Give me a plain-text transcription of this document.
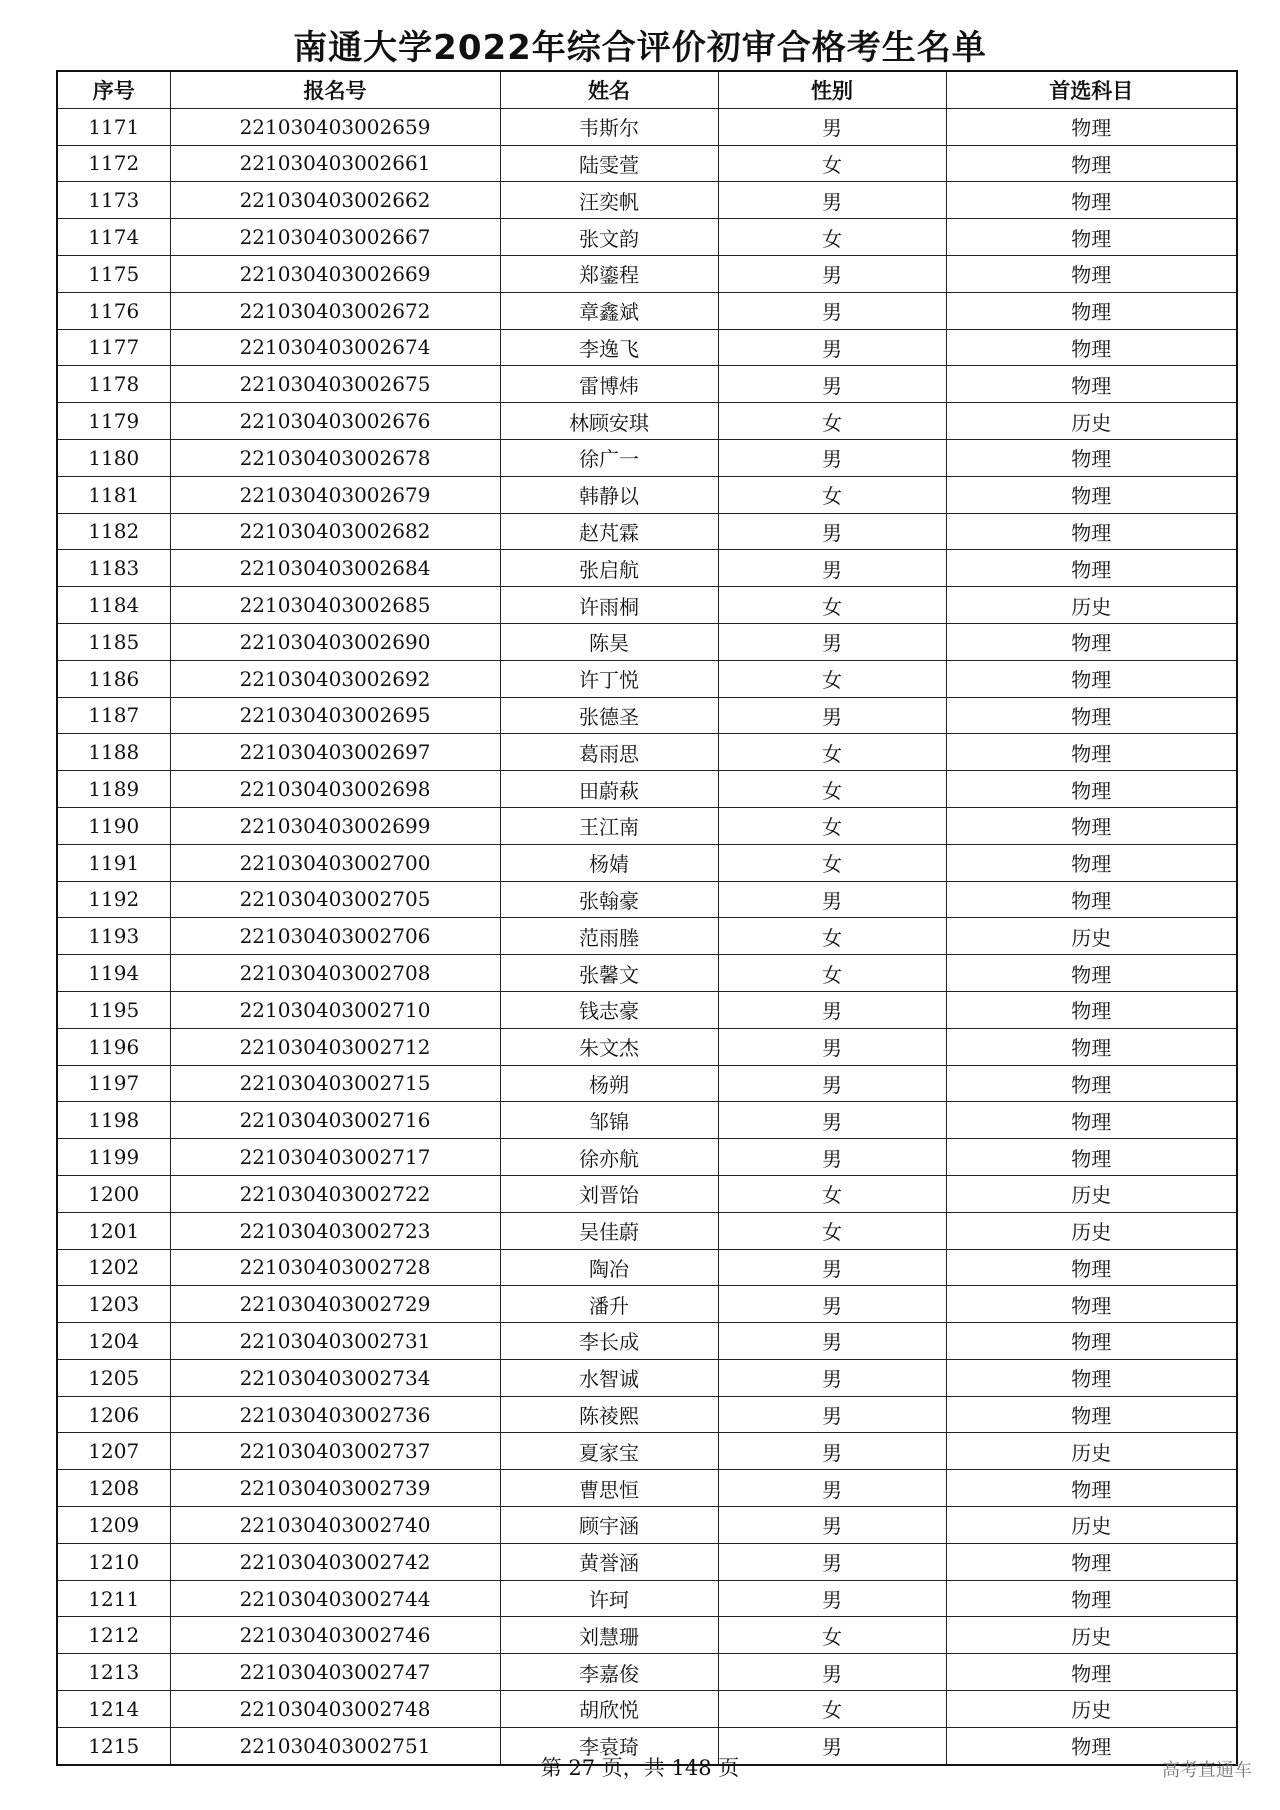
南通大学2022年综合评价初审合格考生名单
序号	报名号	姓名	性别	首选科目
1171	221030403002659	韦斯尔	男	物理
1172	221030403002661	陆雯萱	女	物理
1173	221030403002662	汪奕帆	男	物理
1174	221030403002667	张文韵	女	物理
1175	221030403002669	郑鎏程	男	物理
1176	221030403002672	章鑫斌	男	物理
1177	221030403002674	李逸飞	男	物理
1178	221030403002675	雷博炜	男	物理
1179	221030403002676	林顾安琪	女	历史
1180	221030403002678	徐广一	男	物理
1181	221030403002679	韩静以	女	物理
1182	221030403002682	赵芃霖	男	物理
1183	221030403002684	张启航	男	物理
1184	221030403002685	许雨桐	女	历史
1185	221030403002690	陈昊	男	物理
1186	221030403002692	许丁悦	女	物理
1187	221030403002695	张德圣	男	物理
1188	221030403002697	葛雨思	女	物理
1189	221030403002698	田蔚萩	女	物理
1190	221030403002699	王江南	女	物理
1191	221030403002700	杨婧	女	物理
1192	221030403002705	张翰豪	男	物理
1193	221030403002706	范雨塍	女	历史
1194	221030403002708	张馨文	女	物理
1195	221030403002710	钱志豪	男	物理
1196	221030403002712	朱文杰	男	物理
1197	221030403002715	杨朔	男	物理
1198	221030403002716	邹锦	男	物理
1199	221030403002717	徐亦航	男	物理
1200	221030403002722	刘晋饴	女	历史
1201	221030403002723	吴佳蔚	女	历史
1202	221030403002728	陶冶	男	物理
1203	221030403002729	潘升	男	物理
1204	221030403002731	李长成	男	物理
1205	221030403002734	水智诚	男	物理
1206	221030403002736	陈祾熙	男	物理
1207	221030403002737	夏家宝	男	历史
1208	221030403002739	曹思恒	男	物理
1209	221030403002740	顾宇涵	男	历史
1210	221030403002742	黄誉涵	男	物理
1211	221030403002744	许珂	男	物理
1212	221030403002746	刘慧珊	女	历史
1213	221030403002747	李嘉俊	男	物理
1214	221030403002748	胡欣悦	女	历史
1215	221030403002751	李袁琦	男	物理
第 27 页，共 148 页	高考直通车
